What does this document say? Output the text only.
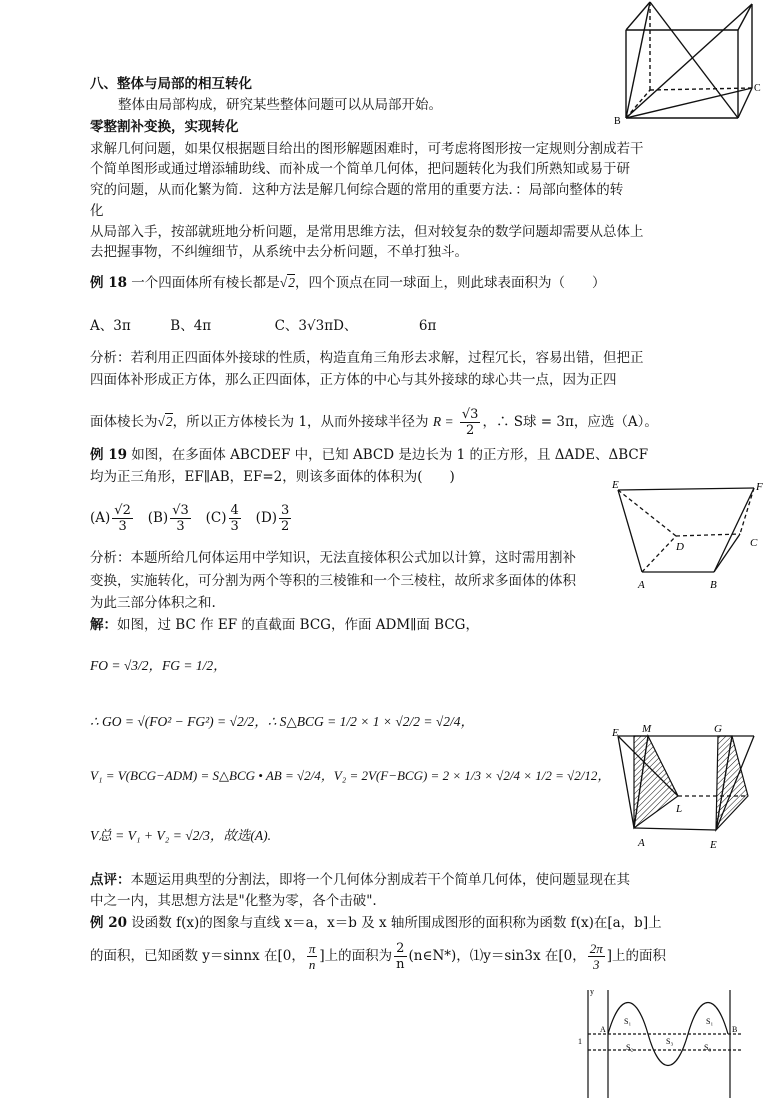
B
C
八、整体与局部的相互转化
整体由局部构成，研究某些整体问题可以从局部开始。
零整割补变换，实现转化
求解几何问题，如果仅根据题目给出的图形解题困难时，可考虑将图形按一定规则分割成若干
个简单图形或通过增添辅助线、而补成一个简单几何体，把问题转化为我们所熟知或易于研
究的问题，从而化繁为简．这种方法是解几何综合题的常用的重要方法．：局部向整体的转
化
从局部入手，按部就班地分析问题，是常用思维方法，但对较复杂的数学问题却需要从总体上
去把握事物，不纠缠细节，从系统中去分析问题，不单打独斗。
例 18 一个四面体所有棱长都是√2，四个顶点在同一球面上，则此球表面积为（　　）
A、3π	B、4π	C、3√3πD、	6π
分析：若利用正四面体外接球的性质，构造直角三角形去求解，过程冗长，容易出错，但把正
四面体补形成正方体，那么正四面体，正方体的中心与其外接球的球心共一点，因为正四
面体棱长为√2，所以正方体棱长为 1，从而外接球半径为 $R = \frac{√3}{2}$ ，∴ S球 = 3π，应选（A）。
例 19 如图，在多面体 ABCDEF 中，已知 ABCD 是边长为 1 的正方形，且 ΔADE、ΔBCF
均为正三角形，EF∥AB，EF=2，则该多面体的体积为(　　)
$(A) \frac{√2}{3} (B) \frac{√3}{3} (C) \frac{4}{3} (D) \frac{3}{2}$
E	F
D	C
A	B
分析：本题所给几何体运用中学知识，无法直接体积公式加以计算，这时需用割补
变换，实施转化，可分割为两个等积的三棱锥和一个三棱柱，故所求多面体的体积
为此三部分体积之和.
解：如图，过 BC 作 EF 的直截面 BCG，作面 ADM∥面 BCG，
FO = √3/2，FG = 1/2，
∴ GO = √(FO² − FG²) = √2/2，∴ S△BCG = 1/2 × 1 × √2/2 = √2/4，
V₁ = V(BCG−ADM) = S△BCG • AB = √2/4，V₂ = 2V(F−BCG) = 2 × 1/3 × √2/4 × 1/2 = √2/12，
V总 = V₁ + V₂ = √2/3，故选(A).
E M	G
L
A	E
点评：本题运用典型的分割法，即将一个几何体分割成若干个简单几何体，使问题显现在其
中之一内，其思想方法是"化整为零，各个击破".
例 20 设函数 f(x)的图象与直线 x＝a，x＝b 及 x 轴所围成图形的面积称为函数 f(x)在[a，b]上
的面积，已知函数 y＝sinnx 在[0， $\frac{\pi}{n}$ ]上的面积为 $\frac{2}{n}$ (n∈N*)，⑴y＝sin3x 在[0， $\frac{2\pi}{3}$ ]上的面积
y
1
A	B
S₁
S₂
S₃
S₁
S₃
